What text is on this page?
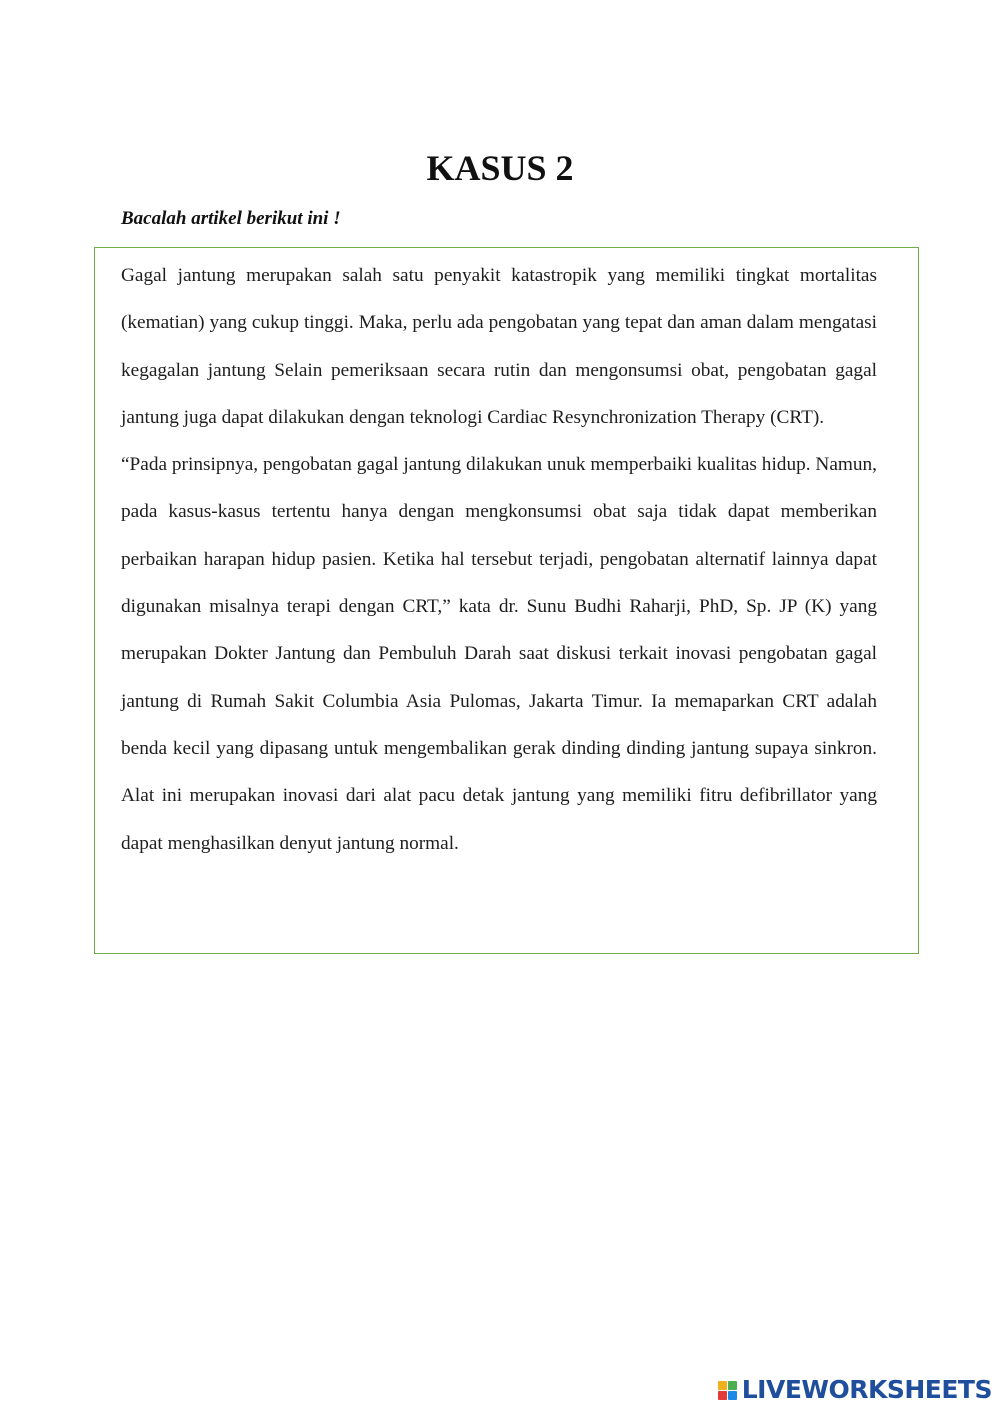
KASUS 2
Bacalah artikel berikut ini !

Gagal jantung merupakan salah satu penyakit katastropik yang memiliki tingkat mortalitas (kematian) yang cukup tinggi. Maka, perlu ada pengobatan yang tepat dan aman dalam mengatasi kegagalan jantung Selain pemeriksaan secara rutin dan mengonsumsi obat, pengobatan gagal jantung juga dapat dilakukan dengan teknologi Cardiac Resynchronization Therapy (CRT).

“Pada prinsipnya, pengobatan gagal jantung dilakukan unuk memperbaiki kualitas hidup. Namun, pada kasus-kasus tertentu hanya dengan mengkonsumsi obat saja tidak dapat memberikan perbaikan harapan hidup pasien. Ketika hal tersebut terjadi, pengobatan alternatif lainnya dapat digunakan misalnya terapi dengan CRT,” kata dr. Sunu Budhi Raharji, PhD, Sp. JP (K) yang merupakan Dokter Jantung dan Pembuluh Darah saat diskusi terkait inovasi pengobatan gagal jantung di Rumah Sakit Columbia Asia Pulomas, Jakarta Timur. Ia memaparkan CRT adalah benda kecil yang dipasang untuk mengembalikan gerak dinding dinding jantung supaya sinkron. Alat ini merupakan inovasi dari alat pacu detak jantung yang memiliki fitru defibrillator yang dapat menghasilkan denyut jantung normal.

LIVEWORKSHEETS
